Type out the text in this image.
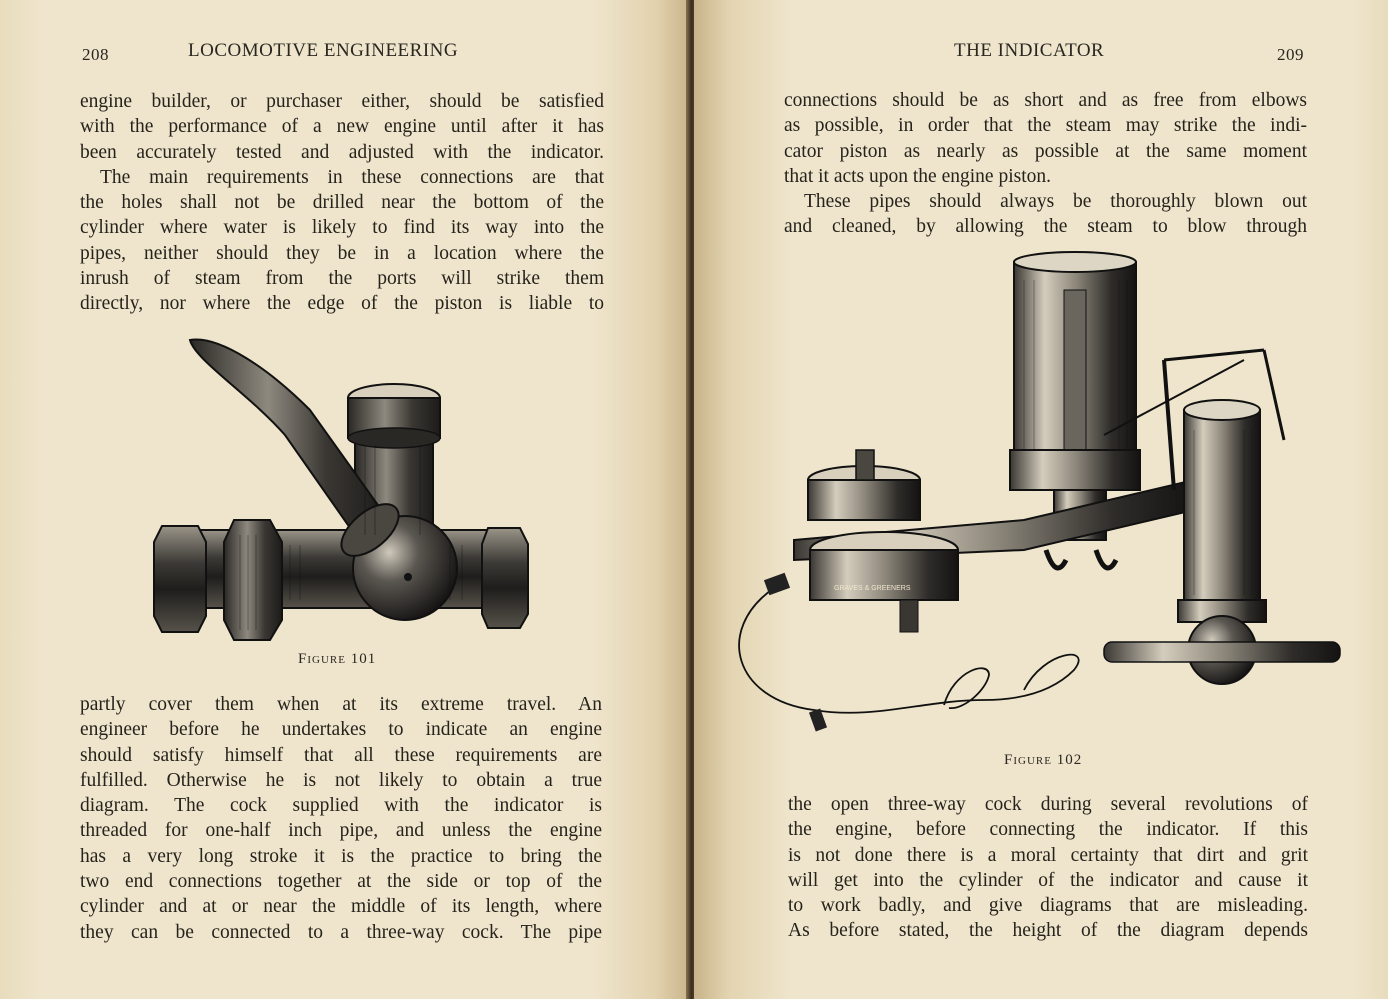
208	LOCOMOTIVE ENGINEERING

engine builder, or purchaser either, should be satisfied
with the performance of a new engine until after it has
been accurately tested and adjusted with the indicator.
The main requirements in these connections are that
the holes shall not be drilled near the bottom of the
cylinder where water is likely to find its way into the
pipes, neither should they be in a location where the
inrush of steam from the ports will strike them
directly, nor where the edge of the piston is liable to

Figure 101

partly cover them when at its extreme travel. An
engineer before he undertakes to indicate an engine
should satisfy himself that all these requirements are
fulfilled. Otherwise he is not likely to obtain a true
diagram. The cock supplied with the indicator is
threaded for one-half inch pipe, and unless the engine
has a very long stroke it is the practice to bring the
two end connections together at the side or top of the
cylinder and at or near the middle of its length, where
they can be connected to a three-way cock. The pipe

THE INDICATOR	209

connections should be as short and as free from elbows
as possible, in order that the steam may strike the indi-
cator piston as nearly as possible at the same moment
that it acts upon the engine piston.
These pipes should always be thoroughly blown out
and cleaned, by allowing the steam to blow through

GRAVES & GREENERS
Figure 102

the open three-way cock during several revolutions of
the engine, before connecting the indicator. If this
is not done there is a moral certainty that dirt and grit
will get into the cylinder of the indicator and cause it
to work badly, and give diagrams that are misleading.
As before stated, the height of the diagram depends
